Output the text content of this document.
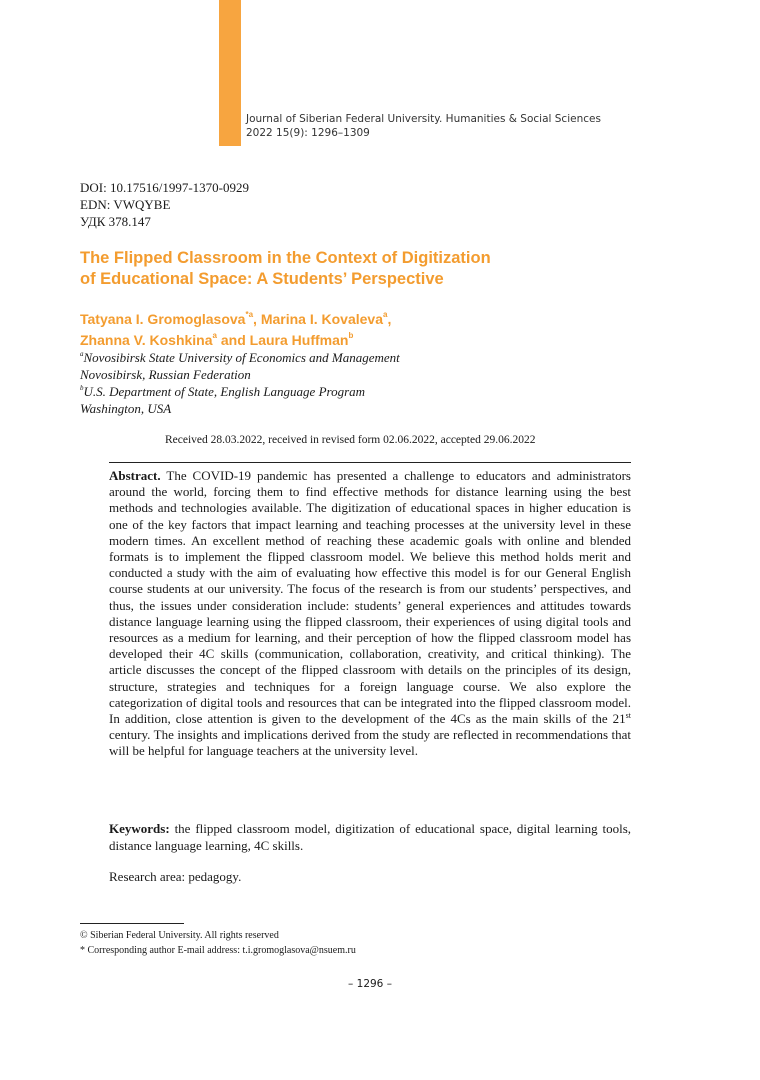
Journal of Siberian Federal University. Humanities & Social Sciences
2022 15(9): 1296–1309
DOI: 10.17516/1997-1370-0929
EDN: VWQYBE
УДК 378.147
The Flipped Classroom in the Context of Digitization
of Educational Space: A Students’ Perspective
Tatyana I. Gromoglasova$^{*a}$, Marina I. Kovaleva$^a$,
Zhanna V. Koshkina$^a$ and Laura Huffman$^b$
$^a$Novosibirsk State University of Economics and Management
Novosibirsk, Russian Federation
$^b$U.S. Department of State, English Language Program
Washington, USA
Received 28.03.2022, received in revised form 02.06.2022, accepted 29.06.2022

Abstract. The COVID-19 pandemic has presented a challenge to educators and administrators around the world, forcing them to find effective methods for distance learning using the best methods and technologies available. The digitization of educational spaces in higher education is one of the key factors that impact learning and teaching processes at the university level in these modern times. An excellent method of reaching these academic goals with online and blended formats is to implement the flipped classroom model. We believe this method holds merit and conducted a study with the aim of evaluating how effective this model is for our General English course students at our university. The focus of the research is from our students’ perspectives, and thus, the issues under consideration include: students’ general experiences and attitudes towards distance language learning using the flipped classroom, their experiences of using digital tools and resources as a medium for learning, and their perception of how the flipped classroom model has developed their 4C skills (communication, collaboration, creativity, and critical thinking). The article discusses the concept of the flipped classroom with details on the principles of its design, structure, strategies and techniques for a foreign language course. We also explore the categorization of digital tools and resources that can be integrated into the flipped classroom model. In addition, close attention is given to the development of the 4Cs as the main skills of the 21st century. The insights and implications derived from the study are reflected in recommendations that will be helpful for language teachers at the university level.

Keywords: the flipped classroom model, digitization of educational space, digital learning tools, distance language learning, 4C skills.

Research area: pedagogy.

© Siberian Federal University. All rights reserved
* Corresponding author E-mail address: t.i.gromoglasova@nsuem.ru
– 1296 –
